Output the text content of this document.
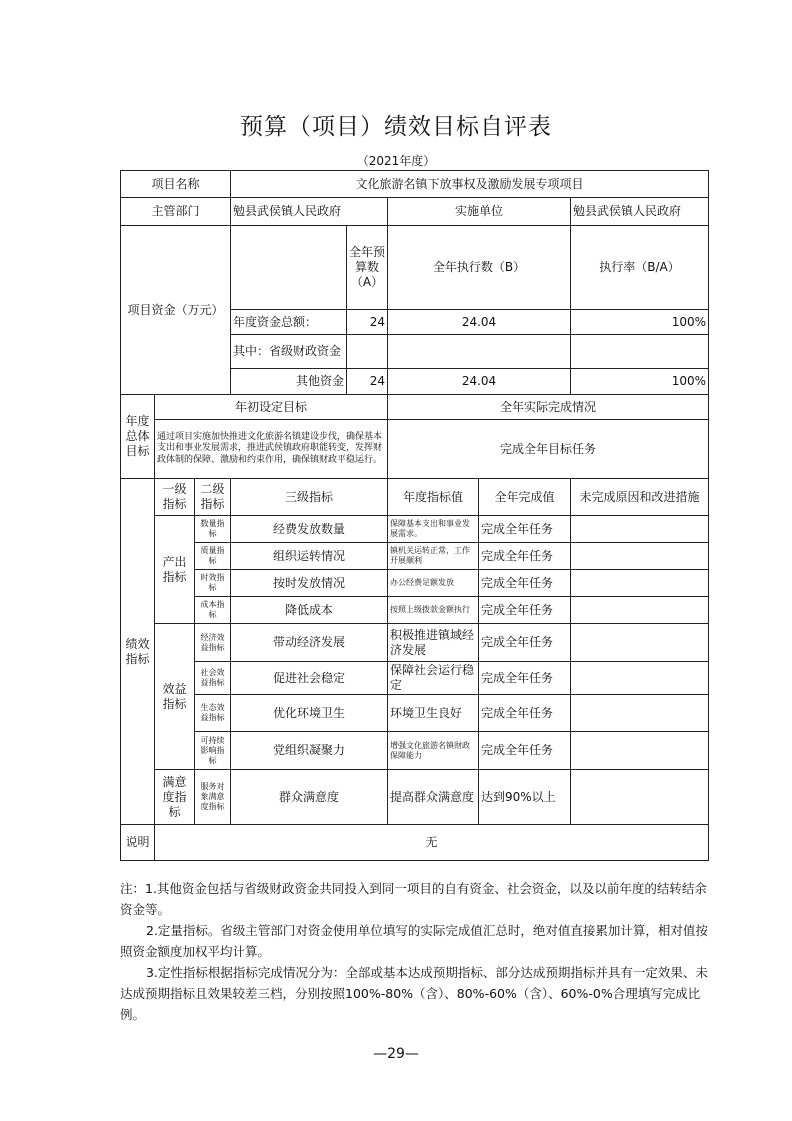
预算（项目）绩效目标自评表
（2021年度）
项目名称			文化旅游名镇下放事权及激励发展专项项目				
主管部门			勉县武侯镇人民政府		实施单位		勉县武侯镇人民政府
项目资金（万元）				全年预算数（A）	全年执行数（B）		执行率（B/A）
			年度资金总额：	24	24.04		100%
			其中：省级财政资金				
			其他资金	24	24.04		100%
年度总体目标	年初设定目标				全年实际完成情况		
	通过项目实施加快推进文化旅游名镇建设步伐，确保基本支出和事业发展需求，推进武侯镇政府职能转变，发挥财政体制的保障、激励和约束作用，确保镇财政平稳运行。				完成全年目标任务		
绩效指标	一级指标	二级指标	三级指标		年度指标值	全年完成值	未完成原因和改进措施
	产出指标	数量指标	经费发放数量		保障基本支出和事业发展需求。	完成全年任务	
		质量指标	组织运转情况		镇机关运转正常，工作开展顺利	完成全年任务	
		时效指标	按时发放情况		办公经费足额发放	完成全年任务	
		成本指标	降低成本		按照上级拨款金额执行	完成全年任务	
	效益指标	经济效益指标	带动经济发展		积极推进镇域经济发展	完成全年任务	
		社会效益指标	促进社会稳定		保障社会运行稳定	完成全年任务	
		生态效益指标	优化环境卫生		环境卫生良好	完成全年任务	
		可持续影响指标	党组织凝聚力		增强文化旅游名镇财政保障能力	完成全年任务	
	满意度指标	服务对象满意度指标	群众满意度		提高群众满意度	达到90%以上	
说明	无						

注：1.其他资金包括与省级财政资金共同投入到同一项目的自有资金、社会资金，以及以前年度的结转结余资金等。

2.定量指标。省级主管部门对资金使用单位填写的实际完成值汇总时，绝对值直接累加计算，相对值按照资金额度加权平均计算。

3.定性指标根据指标完成情况分为：全部或基本达成预期指标、部分达成预期指标并具有一定效果、未达成预期指标且效果较差三档，分别按照100%-80%（含）、80%-60%（含）、60%-0%合理填写完成比例。

—29—
